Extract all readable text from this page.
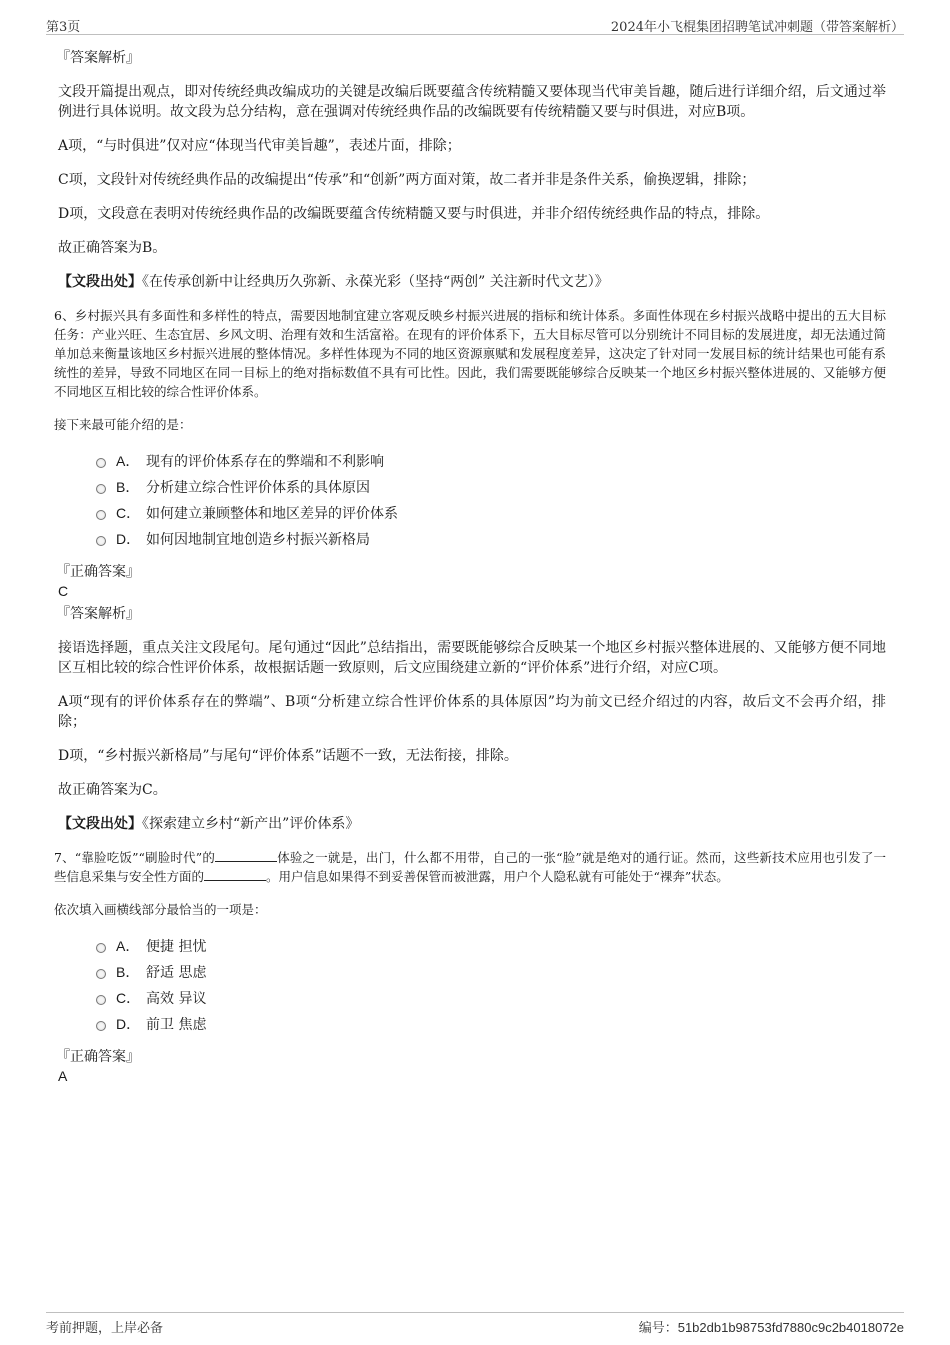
第3页	2024年小飞棍集团招聘笔试冲刺题（带答案解析）
『答案解析』
文段开篇提出观点，即对传统经典改编成功的关键是改编后既要蕴含传统精髓又要体现当代审美旨趣，随后进行详细介绍，后文通过举例进行具体说明。故文段为总分结构，意在强调对传统经典作品的改编既要有传统精髓又要与时俱进，对应B项。
A项，“与时俱进”仅对应“体现当代审美旨趣”，表述片面，排除；
C项，文段针对传统经典作品的改编提出“传承”和“创新”两方面对策，故二者并非是条件关系，偷换逻辑，排除；
D项，文段意在表明对传统经典作品的改编既要蕴含传统精髓又要与时俱进，并非介绍传统经典作品的特点，排除。
故正确答案为B。
【文段出处】《在传承创新中让经典历久弥新、永葆光彩（坚持“两创” 关注新时代文艺）》
6、乡村振兴具有多面性和多样性的特点，需要因地制宜建立客观反映乡村振兴进展的指标和统计体系。多面性体现在乡村振兴战略中提出的五大目标任务：产业兴旺、生态宜居、乡风文明、治理有效和生活富裕。在现有的评价体系下，五大目标尽管可以分别统计不同目标的发展进度，却无法通过简单加总来衡量该地区乡村振兴进展的整体情况。多样性体现为不同的地区资源禀赋和发展程度差异，这决定了针对同一发展目标的统计结果也可能有系统性的差异，导致不同地区在同一目标上的绝对指标数值不具有可比性。因此，我们需要既能够综合反映某一个地区乡村振兴整体进展的、又能够方便不同地区互相比较的综合性评价体系。
接下来最可能介绍的是：
A． 现有的评价体系存在的弊端和不利影响
B． 分析建立综合性评价体系的具体原因
C． 如何建立兼顾整体和地区差异的评价体系
D． 如何因地制宜地创造乡村振兴新格局
『正确答案』
C
『答案解析』
接语选择题，重点关注文段尾句。尾句通过“因此”总结指出，需要既能够综合反映某一个地区乡村振兴整体进展的、又能够方便不同地区互相比较的综合性评价体系，故根据话题一致原则，后文应围绕建立新的“评价体系”进行介绍，对应C项。
A项“现有的评价体系存在的弊端”、B项“分析建立综合性评价体系的具体原因”均为前文已经介绍过的内容，故后文不会再介绍，排除；
D项，“乡村振兴新格局”与尾句“评价体系”话题不一致，无法衔接，排除。
故正确答案为C。
【文段出处】《探索建立乡村“新产出”评价体系》
7、“靠脸吃饭”“刷脸时代”的	体验之一就是，出门，什么都不用带，自己的一张“脸”就是绝对的通行证。然而，这些新技术应用也引发了一些信息采集与安全性方面的	。用户信息如果得不到妥善保管而被泄露，用户个人隐私就有可能处于“裸奔”状态。
依次填入画横线部分最恰当的一项是：
A． 便捷 担忧
B． 舒适 思虑
C． 高效 异议
D． 前卫 焦虑
『正确答案』
A
考前押题，上岸必备	编号：51b2db1b98753fd7880c9c2b4018072e
